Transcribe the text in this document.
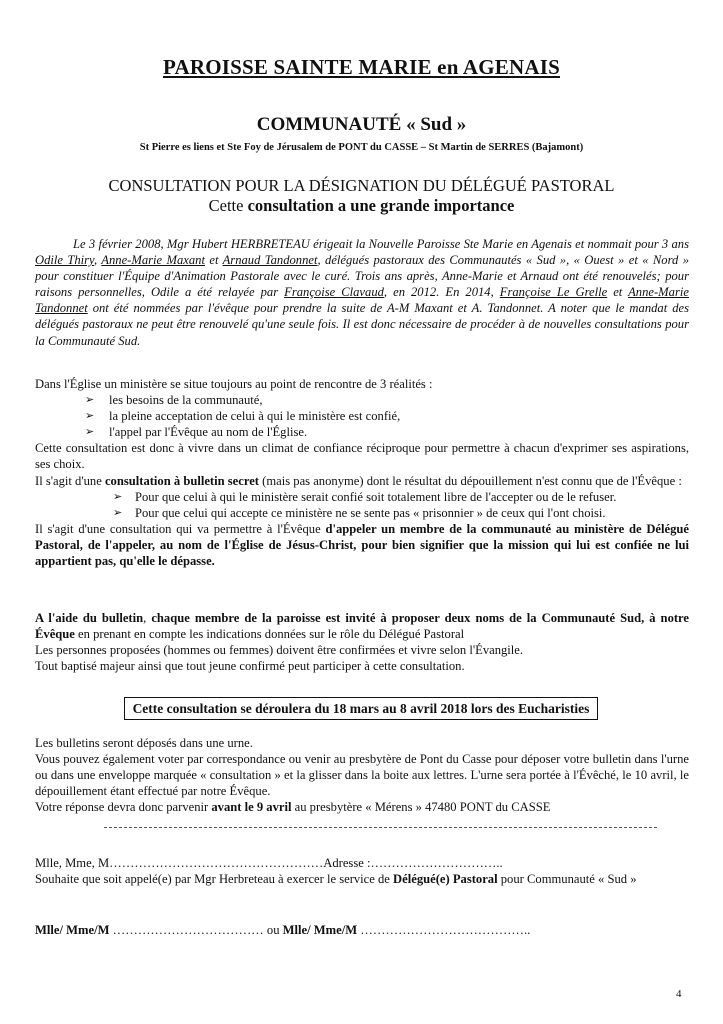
PAROISSE SAINTE MARIE en AGENAIS
COMMUNAUTÉ « Sud »
St Pierre es liens et Ste Foy de Jérusalem de PONT du CASSE – St Martin de SERRES (Bajamont)
CONSULTATION POUR LA DÉSIGNATION DU DÉLÉGUÉ PASTORAL
Cette consultation a une grande importance
Le 3 février 2008, Mgr Hubert HERBRETEAU érigeait la Nouvelle Paroisse Ste Marie en Agenais et nommait pour 3 ans Odile Thiry, Anne-Marie Maxant et Arnaud Tandonnet, délégués pastoraux des Communautés « Sud », « Ouest » et « Nord » pour constituer l'Équipe d'Animation Pastorale avec le curé. Trois ans après, Anne-Marie et Arnaud ont été renouvelés; pour raisons personnelles, Odile a été relayée par Françoise Clavaud, en 2012. En 2014, Françoise Le Grelle et Anne-Marie Tandonnet ont été nommées par l'évêque pour prendre la suite de A-M Maxant et A. Tandonnet. A noter que le mandat des délégués pastoraux ne peut être renouvelé qu'une seule fois. Il est donc nécessaire de procéder à de nouvelles consultations pour la Communauté Sud.

Dans l'Église un ministère se situe toujours au point de rencontre de 3 réalités :

➢ les besoins de la communauté,
➢ la pleine acceptation de celui à qui le ministère est confié,
➢ l'appel par l'Évêque au nom de l'Église.

Cette consultation est donc à vivre dans un climat de confiance réciproque pour permettre à chacun d'exprimer ses aspirations, ses choix.

Il s'agit d'une consultation à bulletin secret (mais pas anonyme) dont le résultat du dépouillement n'est connu que de l'Évêque :

➢ Pour que celui à qui le ministère serait confié soit totalement libre de l'accepter ou de le refuser.
➢ Pour que celui qui accepte ce ministère ne se sente pas « prisonnier » de ceux qui l'ont choisi.

Il s'agit d'une consultation qui va permettre à l'Évêque d'appeler un membre de la communauté au ministère de Délégué Pastoral, de l'appeler, au nom de l'Église de Jésus-Christ, pour bien signifier que la mission qui lui est confiée ne lui appartient pas, qu'elle le dépasse.

A l'aide du bulletin, chaque membre de la paroisse est invité à proposer deux noms de la Communauté Sud, à notre Évêque en prenant en compte les indications données sur le rôle du Délégué Pastoral

Les personnes proposées (hommes ou femmes) doivent être confirmées et vivre selon l'Évangile.

Tout baptisé majeur ainsi que tout jeune confirmé peut participer à cette consultation.

Cette consultation se déroulera du 18 mars au 8 avril 2018 lors des Eucharisties

Les bulletins seront déposés dans une urne.

Vous pouvez également voter par correspondance ou venir au presbytère de Pont du Casse pour déposer votre bulletin dans l'urne ou dans une enveloppe marquée « consultation » et la glisser dans la boite aux lettres. L'urne sera portée à l'Évêché, le 10 avril, le dépouillement étant effectué par notre Évêque.

Votre réponse devra donc parvenir avant le 9 avril au presbytère « Mérens » 47480 PONT du CASSE

Mlle, Mme, M……………………………………………Adresse :…………………………..
Souhaite que soit appelé(e) par Mgr Herbreteau à exercer le service de Délégué(e) Pastoral pour Communauté « Sud »
Mlle/ Mme/M ……………………………… ou Mlle/ Mme/M …………………………………..
4
